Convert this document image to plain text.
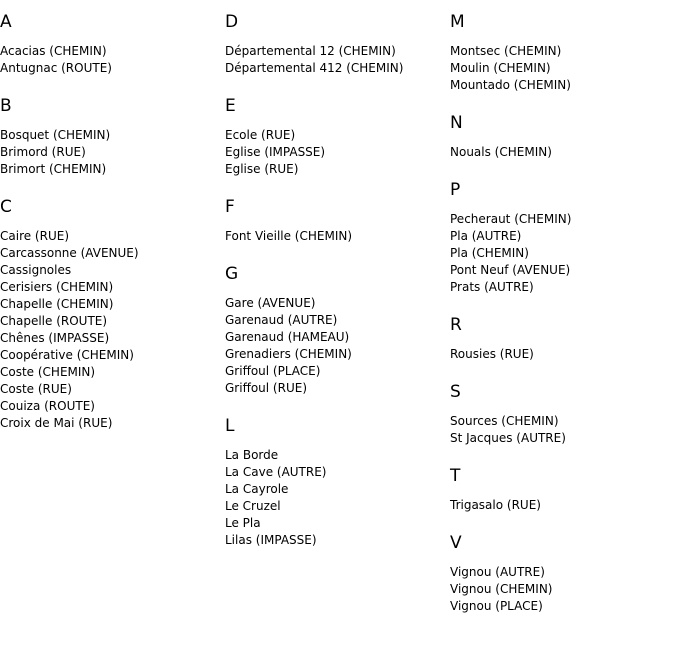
A
Acacias (CHEMIN)
Antugnac (ROUTE)
B
Bosquet (CHEMIN)
Brimord (RUE)
Brimort (CHEMIN)
C
Caire (RUE)
Carcassonne (AVENUE)
Cassignoles
Cerisiers (CHEMIN)
Chapelle (CHEMIN)
Chapelle (ROUTE)
Chênes (IMPASSE)
Coopérative (CHEMIN)
Coste (CHEMIN)
Coste (RUE)
Couiza (ROUTE)
Croix de Mai (RUE)
D
Départemental 12 (CHEMIN)
Départemental 412 (CHEMIN)
E
Ecole (RUE)
Eglise (IMPASSE)
Eglise (RUE)
F
Font Vieille (CHEMIN)
G
Gare (AVENUE)
Garenaud (AUTRE)
Garenaud (HAMEAU)
Grenadiers (CHEMIN)
Griffoul (PLACE)
Griffoul (RUE)
L
La Borde
La Cave (AUTRE)
La Cayrole
Le Cruzel
Le Pla
Lilas (IMPASSE)
M
Montsec (CHEMIN)
Moulin (CHEMIN)
Mountado (CHEMIN)
N
Nouals (CHEMIN)
P
Pecheraut (CHEMIN)
Pla (AUTRE)
Pla (CHEMIN)
Pont Neuf (AVENUE)
Prats (AUTRE)
R
Rousies (RUE)
S
Sources (CHEMIN)
St Jacques (AUTRE)
T
Trigasalo (RUE)
V
Vignou (AUTRE)
Vignou (CHEMIN)
Vignou (PLACE)
